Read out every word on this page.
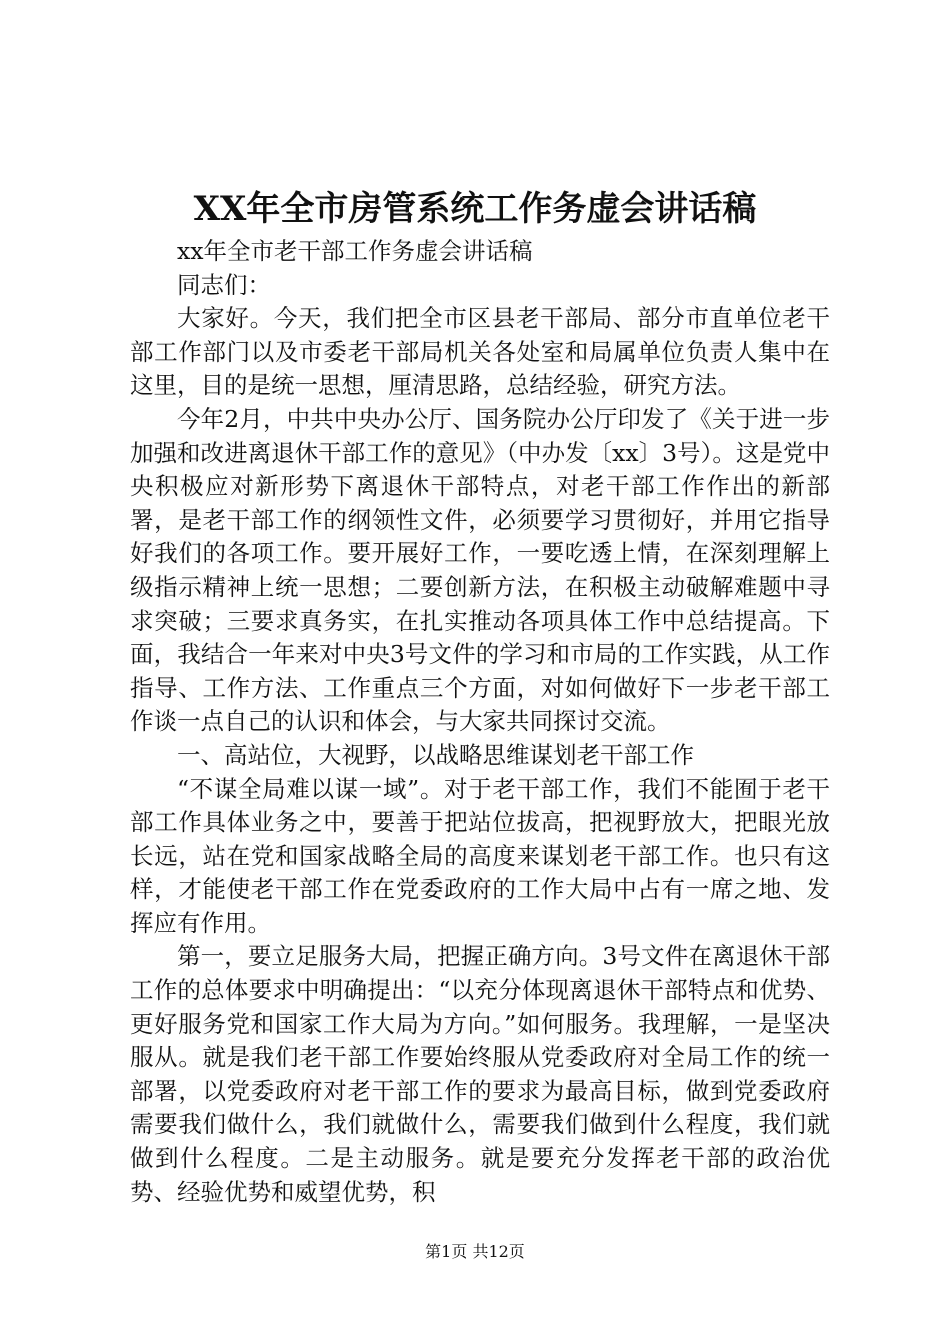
XX年全市房管系统工作务虚会讲话稿

xx年全市老干部工作务虚会讲话稿

同志们：

大家好。今天，我们把全市区县老干部局、部分市直单位老干部工作部门以及市委老干部局机关各处室和局属单位负责人集中在这里，目的是统一思想，厘清思路，总结经验，研究方法。

今年2月，中共中央办公厅、国务院办公厅印发了《关于进一步加强和改进离退休干部工作的意见》（中办发〔xx〕3号）。这是党中央积极应对新形势下离退休干部特点，对老干部工作作出的新部署，是老干部工作的纲领性文件，必须要学习贯彻好，并用它指导好我们的各项工作。要开展好工作，一要吃透上情，在深刻理解上级指示精神上统一思想；二要创新方法，在积极主动破解难题中寻求突破；三要求真务实，在扎实推动各项具体工作中总结提高。下面，我结合一年来对中央3号文件的学习和市局的工作实践，从工作指导、工作方法、工作重点三个方面，对如何做好下一步老干部工作谈一点自己的认识和体会，与大家共同探讨交流。

一、高站位，大视野，以战略思维谋划老干部工作

“不谋全局难以谋一域”。对于老干部工作，我们不能囿于老干部工作具体业务之中，要善于把站位拔高，把视野放大，把眼光放长远，站在党和国家战略全局的高度来谋划老干部工作。也只有这样，才能使老干部工作在党委政府的工作大局中占有一席之地、发挥应有作用。

第一，要立足服务大局，把握正确方向。3号文件在离退休干部工作的总体要求中明确提出：“以充分体现离退休干部特点和优势、更好服务党和国家工作大局为方向。”如何服务。我理解，一是坚决服从。就是我们老干部工作要始终服从党委政府对全局工作的统一部署，以党委政府对老干部工作的要求为最高目标，做到党委政府需要我们做什么，我们就做什么，需要我们做到什么程度，我们就做到什么程度。二是主动服务。就是要充分发挥老干部的政治优势、经验优势和威望优势，积

第1页 共12页
